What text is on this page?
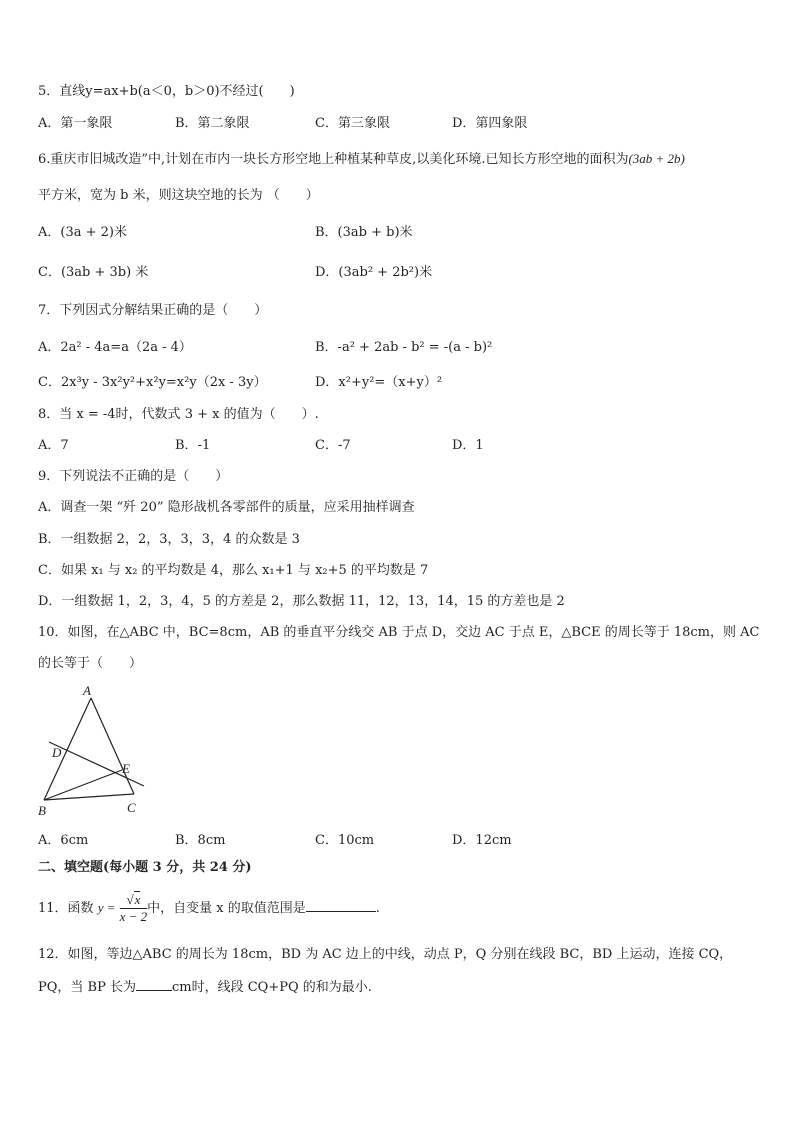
5．直线y=ax+b(a＜0，b＞0)不经过(　　)
A．第一象限	B．第二象限	C．第三象限	D．第四象限
6.重庆市旧城改造”中,计划在市内一块长方形空地上种植某种草皮,以美化环境.已知长方形空地的面积为(3ab + 2b)
平方米，宽为 b 米，则这块空地的长为 （　　）
A．(3a + 2)米	B．(3ab + b)米
C．(3ab + 3b) 米	D．(3ab² + 2b²)米
7．下列因式分解结果正确的是（　　）
A．2a² - 4a=a（2a - 4）	B．-a² + 2ab - b² = -(a - b)²
C．2x³y - 3x²y²+x²y=x²y（2x - 3y）	D．x²+y²=（x+y）²
8．当 x = -4时，代数式 3 + x 的值为（　　）.
A．7	B．-1	C．-7	D．1
9．下列说法不正确的是（　　）
A．调查一架 “歼 20” 隐形战机各零部件的质量，应采用抽样调查
B．一组数据 2，2，3，3，3，4 的众数是 3
C．如果 x₁ 与 x₂ 的平均数是 4，那么 x₁+1 与 x₂+5 的平均数是 7
D．一组数据 1，2，3，4，5 的方差是 2，那么数据 11，12，13，14，15 的方差也是 2
10．如图，在△ABC 中，BC=8cm，AB 的垂直平分线交 AB 于点 D，交边 AC 于点 E，△BCE 的周长等于 18cm，则 AC
的长等于（　　）
A
D
E
B	C
A．6cm	B．8cm	C．10cm	D．12cm
二、填空题(每小题 3 分，共 24 分)
11．函数 $y = \frac{√x}{x - 2}$ 中，自变量 x 的取值范围是	.
12．如图，等边△ABC 的周长为 18cm，BD 为 AC 边上的中线，动点 P，Q 分别在线段 BC，BD 上运动，连接 CQ，
PQ，当 BP 长为	cm时，线段 CQ+PQ 的和为最小.
